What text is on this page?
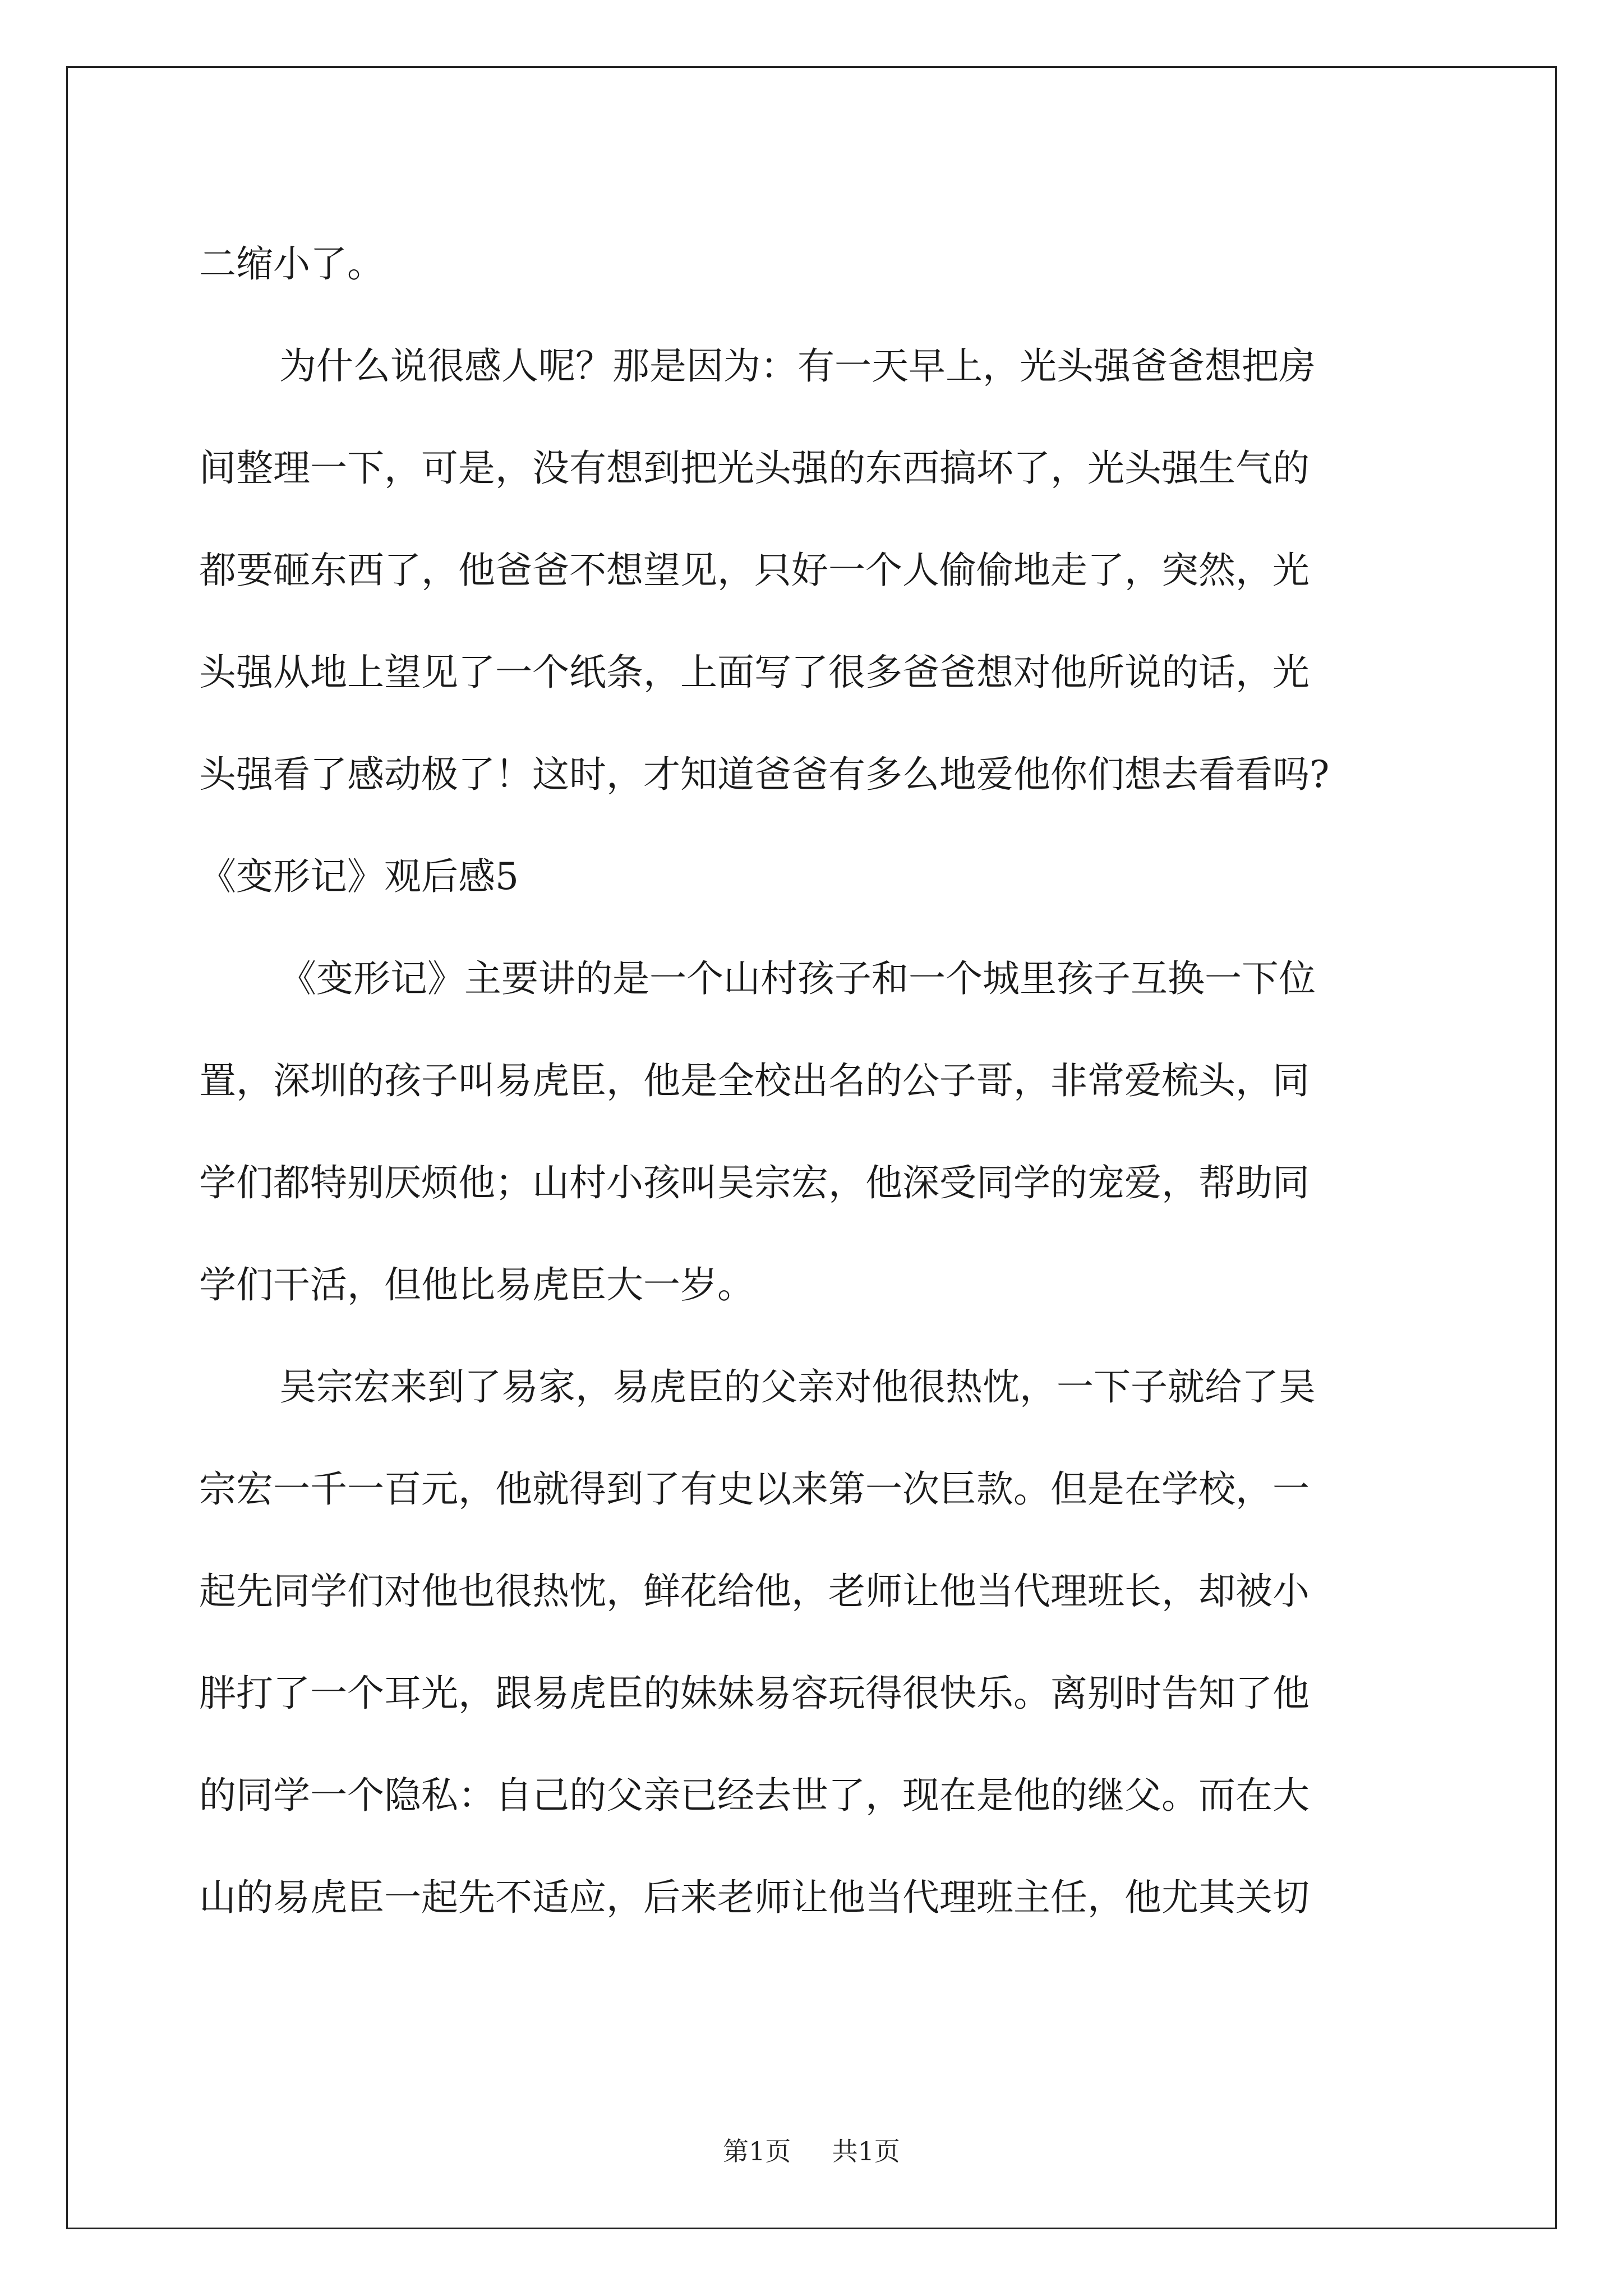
二缩小了。
为什么说很感人呢？那是因为：有一天早上，光头强爸爸想把房
间整理一下，可是，没有想到把光头强的东西搞坏了，光头强生气的
都要砸东西了，他爸爸不想望见，只好一个人偷偷地走了，突然，光
头强从地上望见了一个纸条，上面写了很多爸爸想对他所说的话，光
头强看了感动极了！这时，才知道爸爸有多么地爱他你们想去看看吗?
《变形记》观后感5
《变形记》主要讲的是一个山村孩子和一个城里孩子互换一下位
置，深圳的孩子叫易虎臣，他是全校出名的公子哥，非常爱梳头，同
学们都特别厌烦他；山村小孩叫吴宗宏，他深受同学的宠爱，帮助同
学们干活，但他比易虎臣大一岁。
吴宗宏来到了易家，易虎臣的父亲对他很热忱，一下子就给了吴
宗宏一千一百元，他就得到了有史以来第一次巨款。但是在学校，一
起先同学们对他也很热忱，鲜花给他，老师让他当代理班长，却被小
胖打了一个耳光，跟易虎臣的妹妹易容玩得很快乐。离别时告知了他
的同学一个隐私：自己的父亲已经去世了，现在是他的继父。而在大
山的易虎臣一起先不适应，后来老师让他当代理班主任，他尤其关切
第1页 共1页
